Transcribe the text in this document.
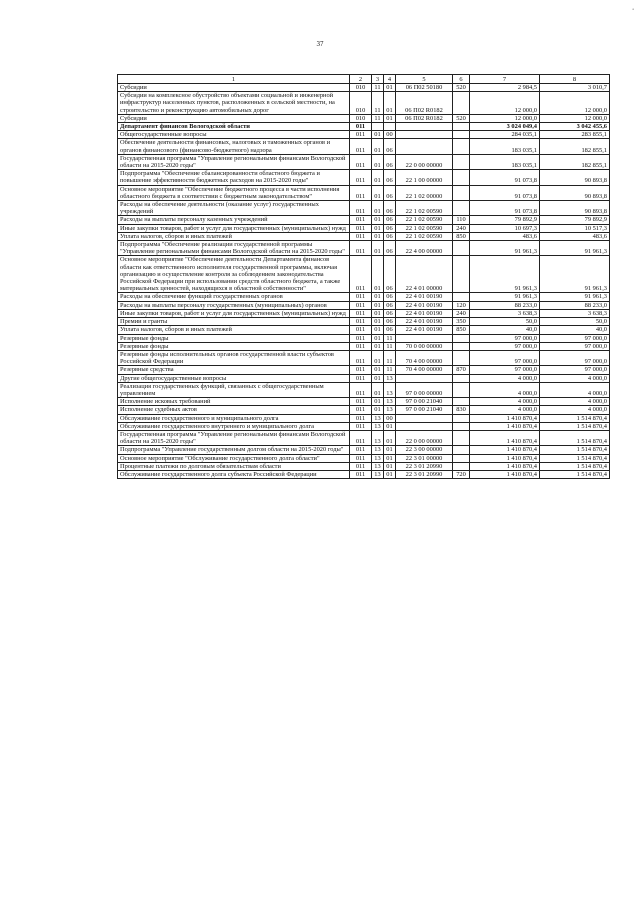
•
37
1	2	3	4	5	6	7	8
Субсидии	010	11	01	06 П02 50180	520	2 984,5	3 010,7
Субсидии на комплексное обустройство объектами социальной и инженерной инфраструктур населенных пунктов, расположенных в сельской местности, на строительство и реконструкцию автомобильных дорог	010	11	01	06 П02 R0182		12 000,0	12 000,0
Субсидии	010	11	01	06 П02 R0182	520	12 000,0	12 000,0
Департамент финансов Вологодской области	011					3 024 049,4	3 042 455,6
Общегосударственные вопросы	011	01	00			284 035,1	283 855,1
Обеспечение деятельности финансовых, налоговых и таможенных органов и органов финансового (финансово-бюджетного) надзора	011	01	06			183 035,1	182 855,1
Государственная программа "Управление региональными финансами Вологодской области на 2015-2020 годы"	011	01	06	22 0 00 00000		183 035,1	182 855,1
Подпрограмма "Обеспечение сбалансированности областного бюджета и повышение эффективности бюджетных расходов на 2015-2020 годы"	011	01	06	22 1 00 00000		91 073,8	90 893,8
Основное мероприятие "Обеспечение бюджетного процесса в части исполнения областного бюджета в соответствии с бюджетным законодательством"	011	01	06	22 1 02 00000		91 073,8	90 893,8
Расходы на обеспечение деятельности (оказание услуг) государственных учреждений	011	01	06	22 1 02 00590		91 073,8	90 893,8
Расходы на выплаты персоналу казенных учреждений	011	01	06	22 1 02 00590	110	79 892,9	79 892,9
Иные закупки товаров, работ и услуг для государственных (муниципальных) нужд	011	01	06	22 1 02 00590	240	10 697,3	10 517,3
Уплата налогов, сборов и иных платежей	011	01	06	22 1 02 00590	850	483,6	483,6
Подпрограмма "Обеспечение реализации государственной программы "Управление региональными финансами Вологодской области на 2015-2020 годы"	011	01	06	22 4 00 00000		91 961,3	91 961,3
Основное мероприятие "Обеспечение деятельности Департамента финансов области как ответственного исполнителя государственной программы, включая организацию и осуществление контроля за соблюдением законодательства Российской Федерации при использовании средств областного бюджета, а также материальных ценностей, находящихся в областной собственности"	011	01	06	22 4 01 00000		91 961,3	91 961,3
Расходы на обеспечение функций государственных органов	011	01	06	22 4 01 00190		91 961,3	91 961,3
Расходы на выплаты персоналу государственных (муниципальных) органов	011	01	06	22 4 01 00190	120	88 233,0	88 233,0
Иные закупки товаров, работ и услуг для государственных (муниципальных) нужд	011	01	06	22 4 01 00190	240	3 638,3	3 638,3
Премии и гранты	011	01	06	22 4 01 00190	350	50,0	50,0
Уплата налогов, сборов и иных платежей	011	01	06	22 4 01 00190	850	40,0	40,0
Резервные фонды	011	01	11			97 000,0	97 000,0
Резервные фонды	011	01	11	70 0 00 00000		97 000,0	97 000,0
Резервные фонды исполнительных органов государственной власти субъектов Российской Федерации	011	01	11	70 4 00 00000		97 000,0	97 000,0
Резервные средства	011	01	11	70 4 00 00000	870	97 000,0	97 000,0
Другие общегосударственные вопросы	011	01	13			4 000,0	4 000,0
Реализация государственных функций, связанных с общегосударственным управлением	011	01	13	97 0 00 00000		4 000,0	4 000,0
Исполнение исковых требований	011	01	13	97 0 00 21040		4 000,0	4 000,0
Исполнение судебных актов	011	01	13	97 0 00 21040	830	4 000,0	4 000,0
Обслуживание государственного и муниципального долга	011	13	00			1 410 870,4	1 514 870,4
Обслуживание государственного внутреннего и муниципального долга	011	13	01			1 410 870,4	1 514 870,4
Государственная программа "Управление региональными финансами Вологодской области на 2015-2020 годы"	011	13	01	22 0 00 00000		1 410 870,4	1 514 870,4
Подпрограмма "Управление государственным долгом области на 2015-2020 годы"	011	13	01	22 3 00 00000		1 410 870,4	1 514 870,4
Основное мероприятие "Обслуживание государственного долга области"	011	13	01	22 3 01 00000		1 410 870,4	1 514 870,4
Процентные платежи по долговым обязательствам области	011	13	01	22 3 01 20990		1 410 870,4	1 514 870,4
Обслуживание государственного долга субъекта Российской Федерации	011	13	01	22 3 01 20990	720	1 410 870,4	1 514 870,4
